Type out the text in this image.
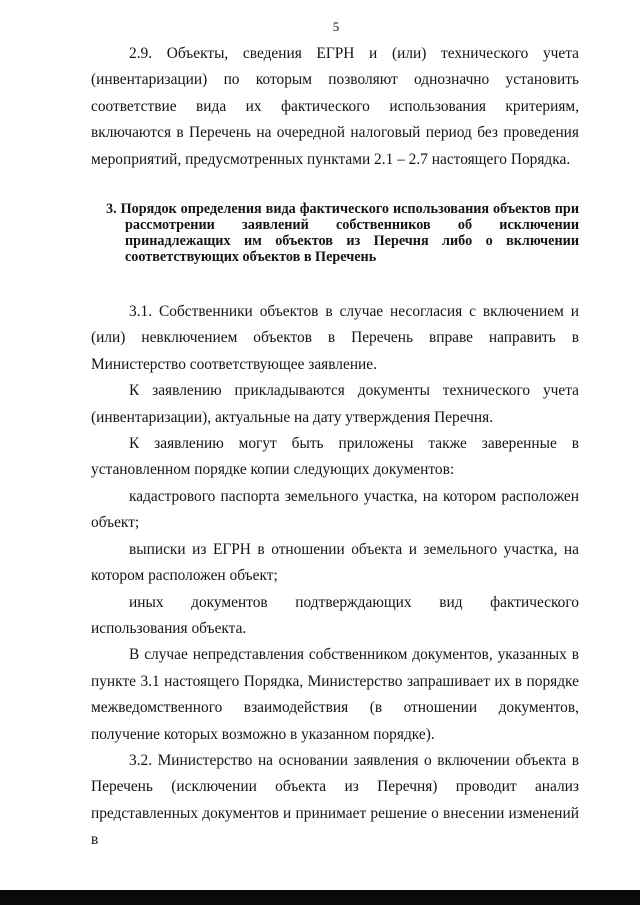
5

2.9. Объекты, сведения ЕГРН и (или) технического учета (инвентаризации) по которым позволяют однозначно установить соответствие вида их фактического использования критериям, включаются в Перечень на очередной налоговый период без проведения мероприятий, предусмотренных пунктами 2.1 – 2.7 настоящего Порядка.

3. Порядок определения вида фактического использования объектов при рассмотрении заявлений собственников об исключении принадлежащих им объектов из Перечня либо о включении соответствующих объектов в Перечень

3.1. Собственники объектов в случае несогласия с включением и (или) невключением объектов в Перечень вправе направить в Министерство соответствующее заявление.

К заявлению прикладываются документы технического учета (инвентаризации), актуальные на дату утверждения Перечня.

К заявлению могут быть приложены также заверенные в установленном порядке копии следующих документов:

кадастрового паспорта земельного участка, на котором расположен объект;

выписки из ЕГРН в отношении объекта и земельного участка, на котором расположен объект;

иных документов подтверждающих вид фактического использования объекта.

В случае непредставления собственником документов, указанных в пункте 3.1 настоящего Порядка, Министерство запрашивает их в порядке межведомственного взаимодействия (в отношении документов, получение которых возможно в указанном порядке).

3.2. Министерство на основании заявления о включении объекта в Перечень (исключении объекта из Перечня) проводит анализ представленных документов и принимает решение о внесении изменений в
